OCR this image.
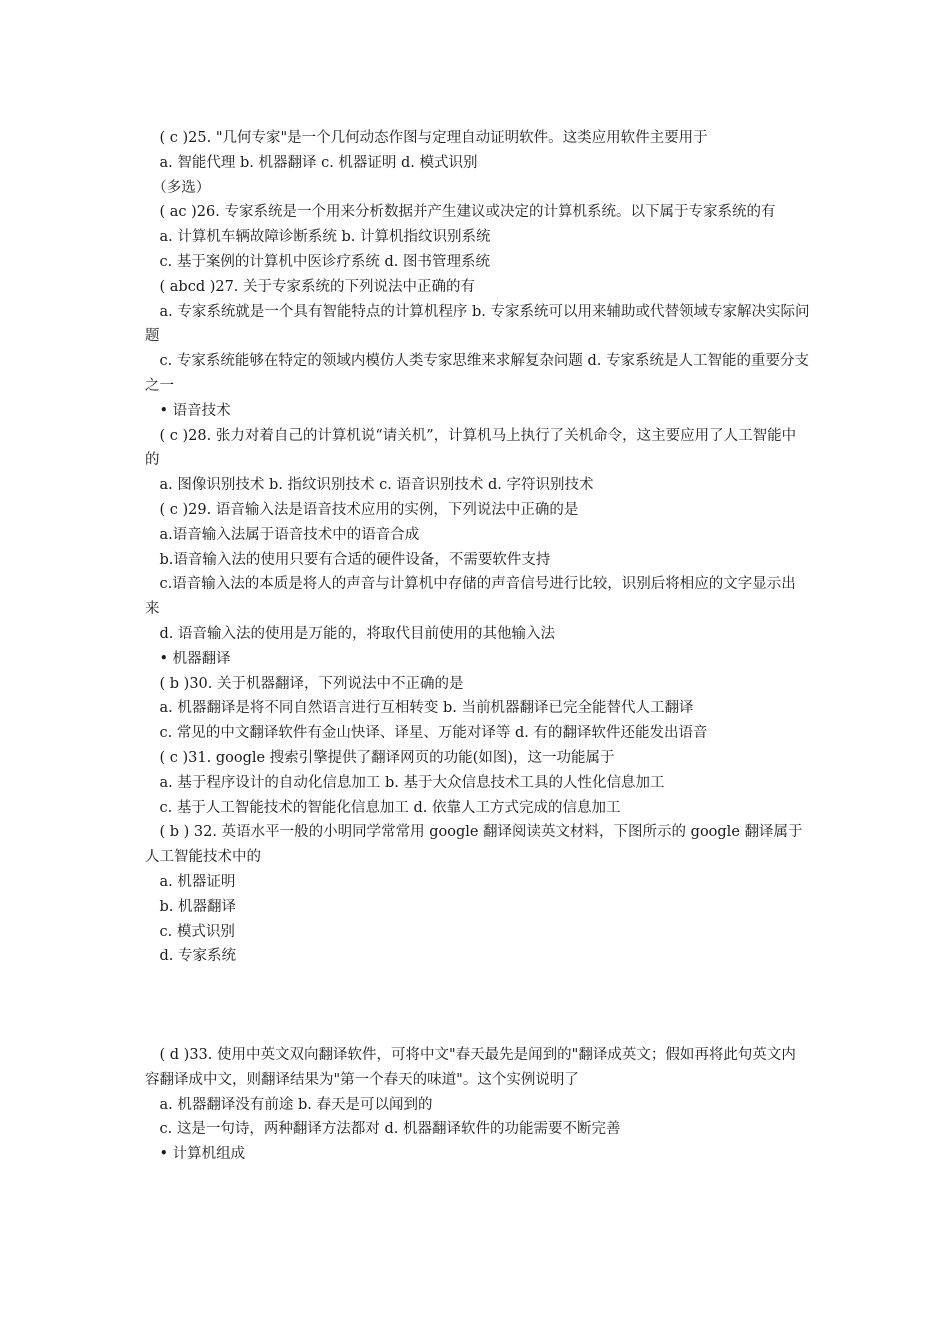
　( c )25. "几何专家"是一个几何动态作图与定理自动证明软件。这类应用软件主要用于
　a. 智能代理 b. 机器翻译 c. 机器证明 d. 模式识别
　（多选）
　( ac )26. 专家系统是一个用来分析数据并产生建议或决定的计算机系统。以下属于专家系统的有
　a. 计算机车辆故障诊断系统 b. 计算机指纹识别系统
　c. 基于案例的计算机中医诊疗系统 d. 图书管理系统
　( abcd )27. 关于专家系统的下列说法中正确的有
　a. 专家系统就是一个具有智能特点的计算机程序 b. 专家系统可以用来辅助或代替领域专家解决实际问题
　c. 专家系统能够在特定的领域内模仿人类专家思维来求解复杂问题 d. 专家系统是人工智能的重要分支之一
　• 语音技术
　( c )28. 张力对着自己的计算机说“请关机”，计算机马上执行了关机命令，这主要应用了人工智能中的
　a. 图像识别技术 b. 指纹识别技术 c. 语音识别技术 d. 字符识别技术
　( c )29. 语音输入法是语音技术应用的实例，下列说法中正确的是
　a.语音输入法属于语音技术中的语音合成
　b.语音输入法的使用只要有合适的硬件设备，不需要软件支持
　c.语音输入法的本质是将人的声音与计算机中存储的声音信号进行比较，识别后将相应的文字显示出来
　d. 语音输入法的使用是万能的，将取代目前使用的其他输入法
　• 机器翻译
　( b )30. 关于机器翻译，下列说法中不正确的是
　a. 机器翻译是将不同自然语言进行互相转变 b. 当前机器翻译已完全能替代人工翻译
　c. 常见的中文翻译软件有金山快译、译星、万能对译等 d. 有的翻译软件还能发出语音
　( c )31. google 搜索引擎提供了翻译网页的功能(如图)，这一功能属于
　a. 基于程序设计的自动化信息加工 b. 基于大众信息技术工具的人性化信息加工
　c. 基于人工智能技术的智能化信息加工 d. 依靠人工方式完成的信息加工
　( b ) 32. 英语水平一般的小明同学常常用 google 翻译阅读英文材料，下图所示的 google 翻译属于人工智能技术中的
　a. 机器证明
　b. 机器翻译
　c. 模式识别
　d. 专家系统
　( d )33. 使用中英文双向翻译软件，可将中文"春天最先是闻到的"翻译成英文；假如再将此句英文内容翻译成中文，则翻译结果为"第一个春天的味道"。这个实例说明了
　a. 机器翻译没有前途 b. 春天是可以闻到的
　c. 这是一句诗，两种翻译方法都对 d. 机器翻译软件的功能需要不断完善
　• 计算机组成
